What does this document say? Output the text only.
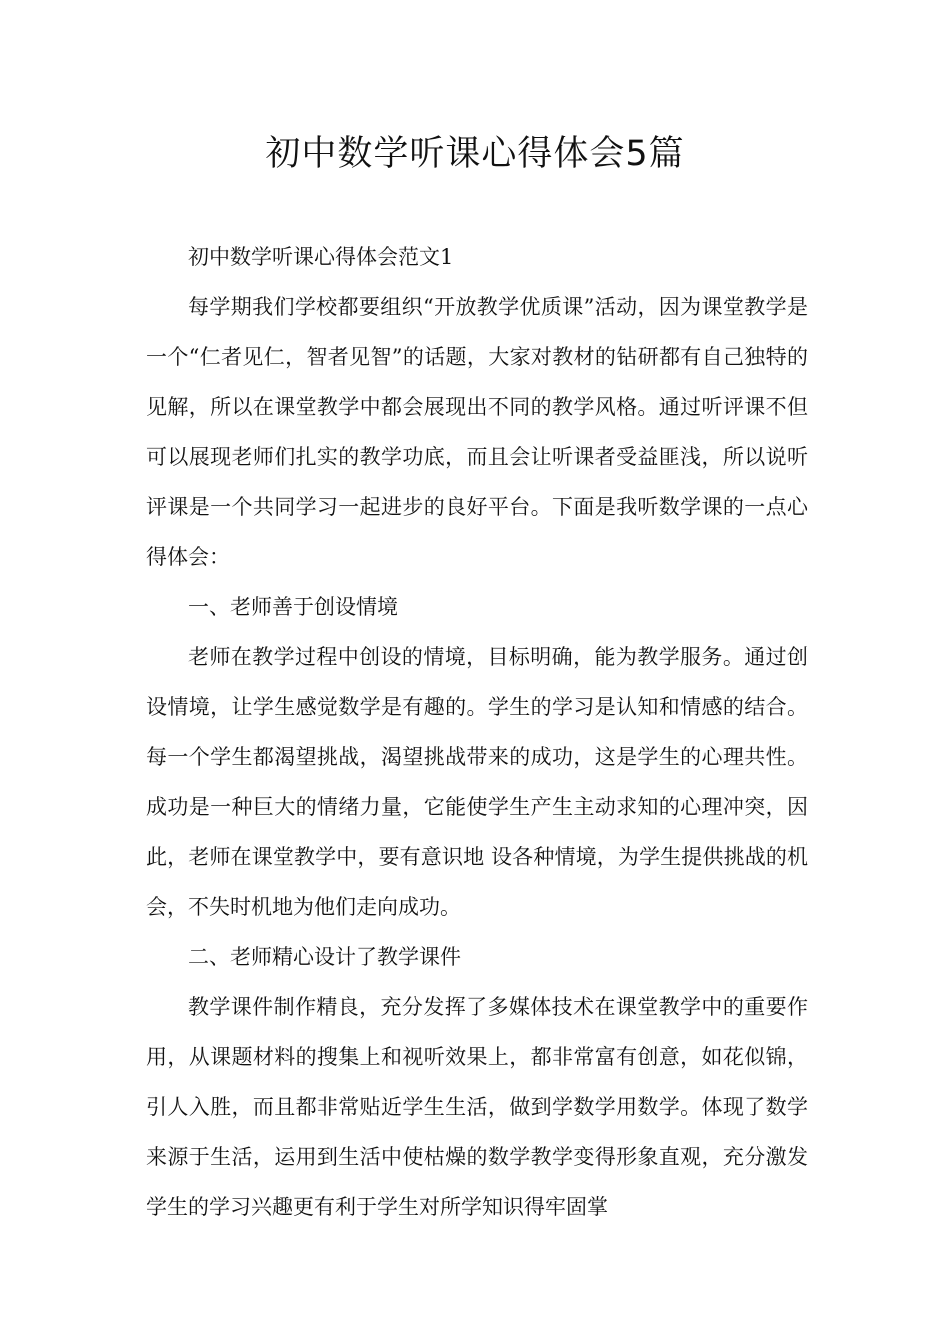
初中数学听课心得体会5篇

初中数学听课心得体会范文1

每学期我们学校都要组织“开放教学优质课”活动，因为课堂教学是一个“仁者见仁，智者见智”的话题，大家对教材的钻研都有自己独特的见解，所以在课堂教学中都会展现出不同的教学风格。通过听评课不但可以展现老师们扎实的教学功底，而且会让听课者受益匪浅，所以说听评课是一个共同学习一起进步的良好平台。下面是我听数学课的一点心得体会：

一、老师善于创设情境

老师在教学过程中创设的情境，目标明确，能为教学服务。通过创设情境，让学生感觉数学是有趣的。学生的学习是认知和情感的结合。每一个学生都渴望挑战，渴望挑战带来的成功，这是学生的心理共性。成功是一种巨大的情绪力量，它能使学生产生主动求知的心理冲突，因此，老师在课堂教学中，要有意识地 设各种情境，为学生提供挑战的机会，不失时机地为他们走向成功。

二、老师精心设计了教学课件

教学课件制作精良，充分发挥了多媒体技术在课堂教学中的重要作用，从课题材料的搜集上和视听效果上，都非常富有创意，如花似锦，引人入胜，而且都非常贴近学生生活，做到学数学用数学。体现了数学来源于生活，运用到生活中使枯燥的数学教学变得形象直观，充分激发学生的学习兴趣更有利于学生对所学知识得牢固掌
